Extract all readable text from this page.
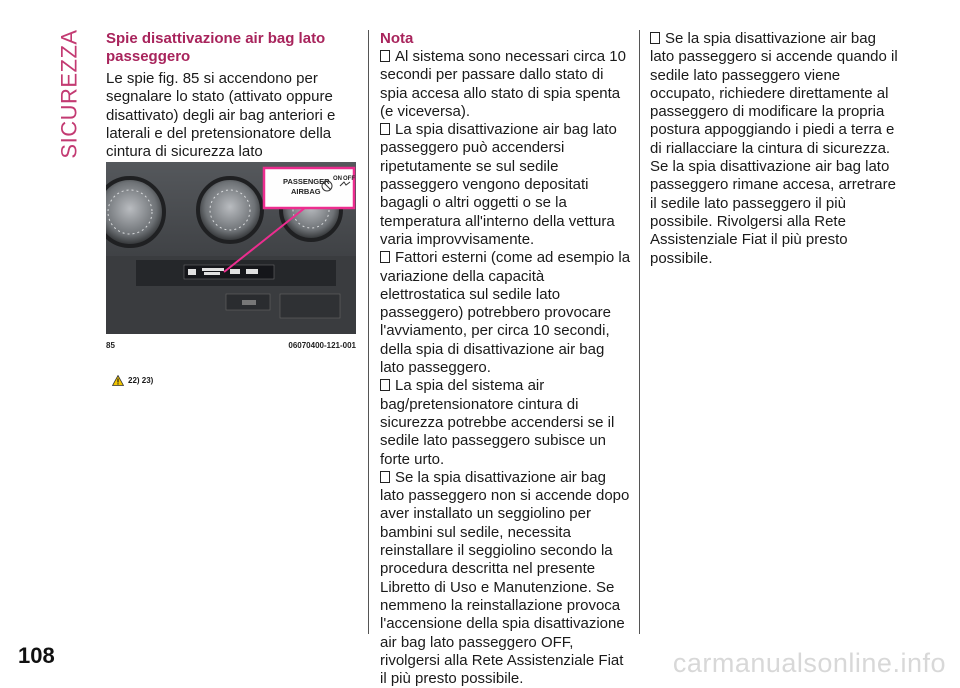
SICUREZZA Spie disattivazione air bag lato passeggero

Le spie fig. 85 si accendono per segnalare lo stato (attivato oppure disattivato) degli air bag anteriori e laterali e del pretensionatore della cintura di sicurezza lato

PASSENGER
AIRBAG
ON OFF
85	06070400-121-001
22) 23)

Nota

Al sistema sono necessari circa 10 secondi per passare dallo stato di spia accesa allo stato di spia spenta (e viceversa).

La spia disattivazione air bag lato passeggero può accendersi ripetutamente se sul sedile passeggero vengono depositati bagagli o altri oggetti o se la temperatura all'interno della vettura varia improvvisamente.

Fattori esterni (come ad esempio la variazione della capacità elettrostatica sul sedile lato passeggero) potrebbero provocare l'avviamento, per circa 10 secondi, della spia di disattivazione air bag lato passeggero.

La spia del sistema air bag/pretensionatore cintura di sicurezza potrebbe accendersi se il sedile lato passeggero subisce un forte urto.

Se la spia disattivazione air bag lato passeggero non si accende dopo aver installato un seggiolino per bambini sul sedile, necessita reinstallare il seggiolino secondo la procedura descritta nel presente Libretto di Uso e Manutenzione. Se nemmeno la reinstallazione provoca l'accensione della spia disattivazione air bag lato passeggero OFF, rivolgersi alla Rete Assistenziale Fiat il più presto possibile.

Se la spia disattivazione air bag lato passeggero si accende quando il sedile lato passeggero viene occupato, richiedere direttamente al passeggero di modificare la propria postura appoggiando i piedi a terra e di riallacciare la cintura di sicurezza. Se la spia disattivazione air bag lato passeggero rimane accesa, arretrare il sedile lato passeggero il più possibile. Rivolgersi alla Rete Assistenziale Fiat il più presto possibile.

108	carmanualsonline.info
